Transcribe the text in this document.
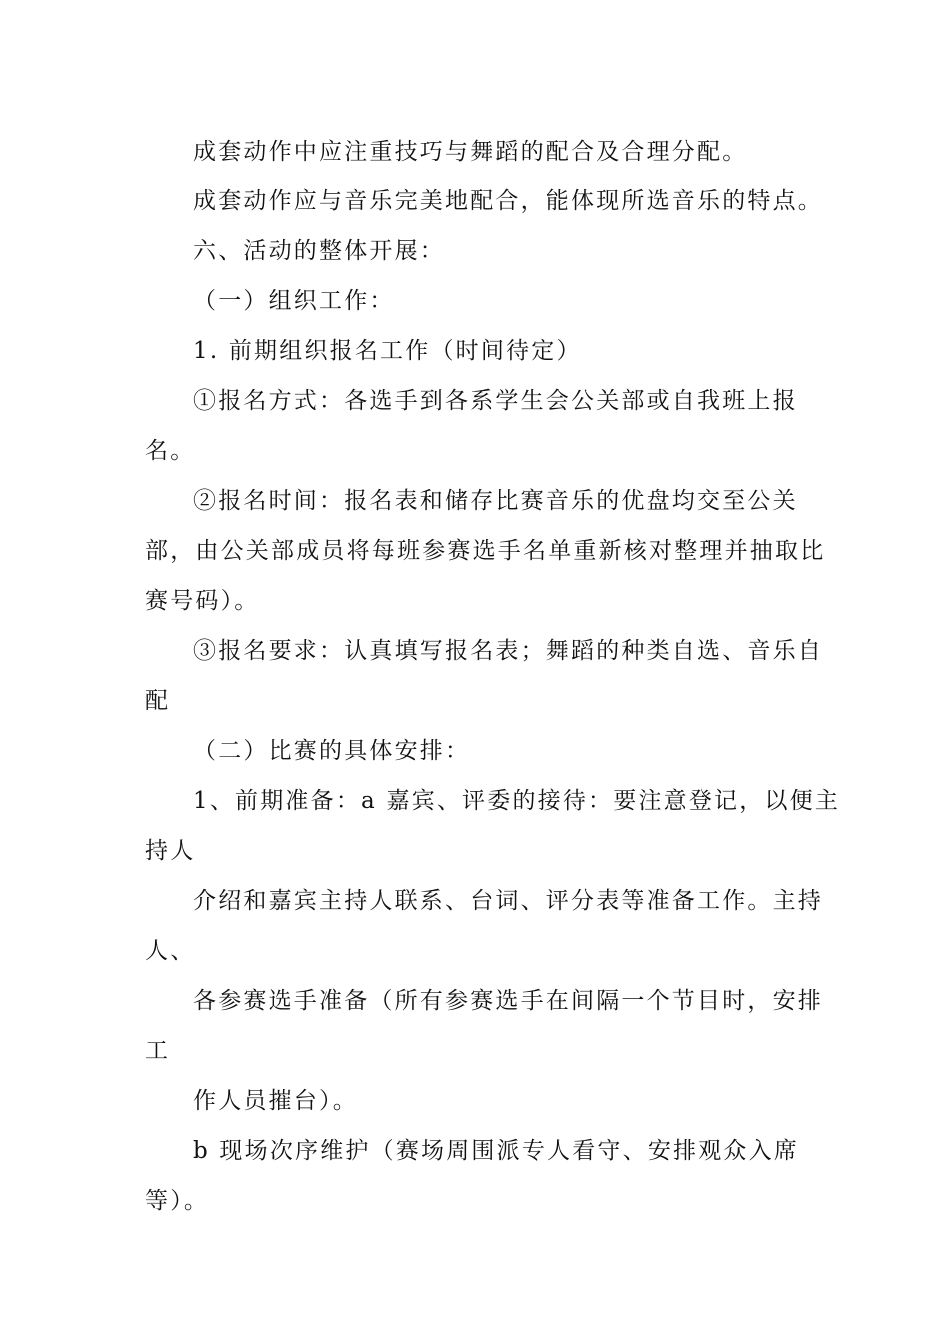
成套动作中应注重技巧与舞蹈的配合及合理分配。
成套动作应与音乐完美地配合，能体现所选音乐的特点。
六、活动的整体开展：
（一）组织工作：
1. 前期组织报名工作（时间待定）
①报名方式：各选手到各系学生会公关部或自我班上报
名。
②报名时间：报名表和储存比赛音乐的优盘均交至公关
部，由公关部成员将每班参赛选手名单重新核对整理并抽取比
赛号码）。
③报名要求：认真填写报名表；舞蹈的种类自选、音乐自
配
（二）比赛的具体安排：
1、前期准备：a 嘉宾、评委的接待：要注意登记，以便主
持人
介绍和嘉宾主持人联系、台词、评分表等准备工作。主持
人、
各参赛选手准备（所有参赛选手在间隔一个节目时，安排
工
作人员摧台）。
b 现场次序维护（赛场周围派专人看守、安排观众入席
等）。
